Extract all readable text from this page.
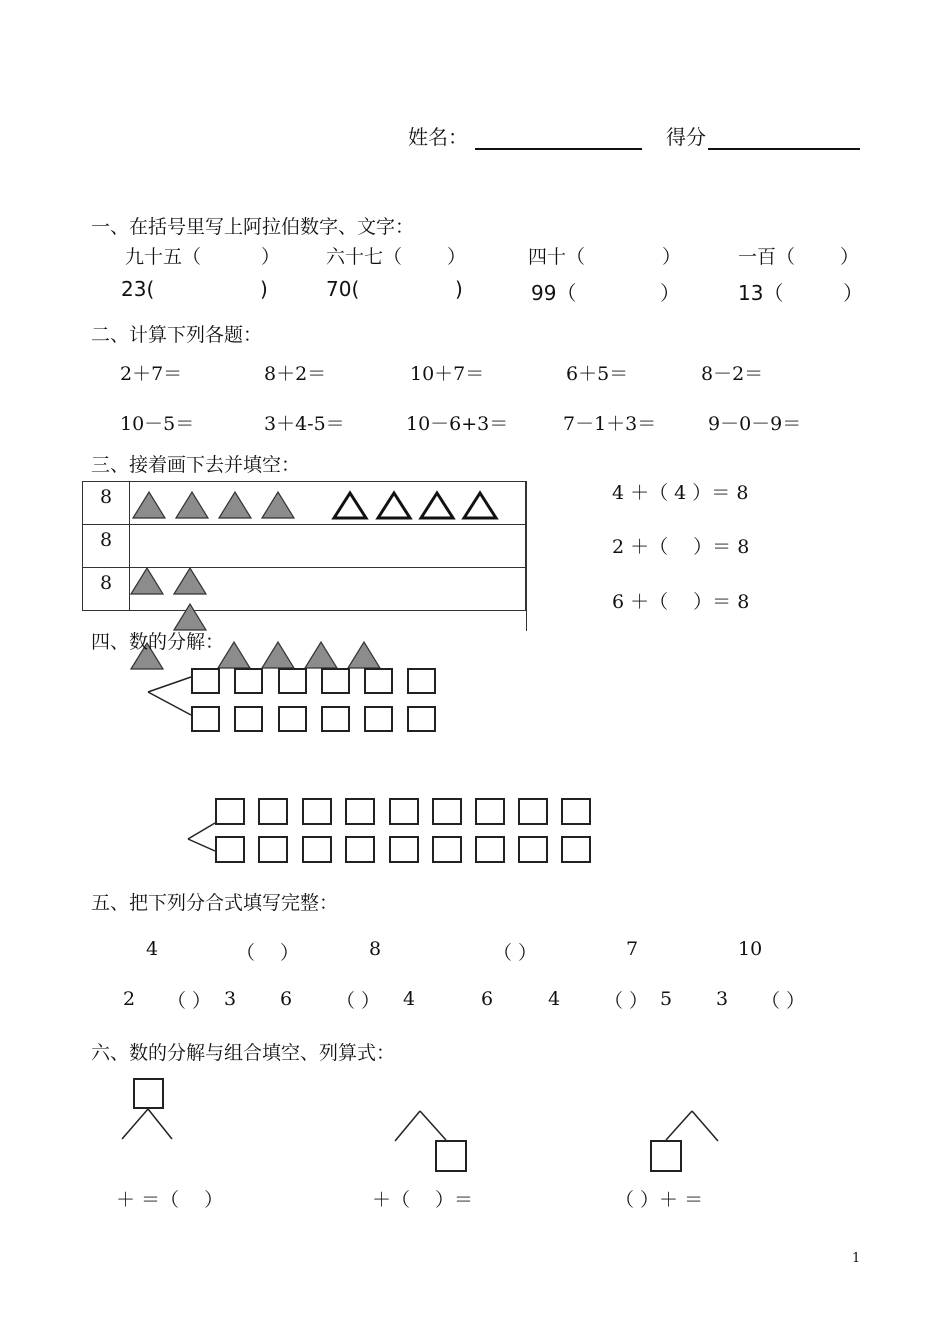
姓名：	得分
一、在括号里写上阿拉伯数字、文字：
九十五（	） 六十七（ ）	四十（	）	一百（ ）
23(	)	70(	)	99（	）	13（	）
二、计算下列各题：
2＋7＝	8＋2＝	10＋7＝	6＋5＝	8－2＝
10－5＝	3＋4-5＝	10－6+3＝	7－1＋3＝	9－0－9＝
三、接着画下去并填空：
8	
8	
8	
4 ＋（ 4 ）＝ 8
2 ＋（　 ）＝ 8
6 ＋（　 ）＝ 8
四、数的分解：
五、把下列分合式填写完整：
4	（　 ）	8	（ ）	7	10
2 （ ） 3 6 （ ） 4	6	4 （ ） 5 3 （ ）
六、数的分解与组合填空、列算式：
＋ ＝（　 ）	＋（　 ）＝	（ ）＋ ＝
1
